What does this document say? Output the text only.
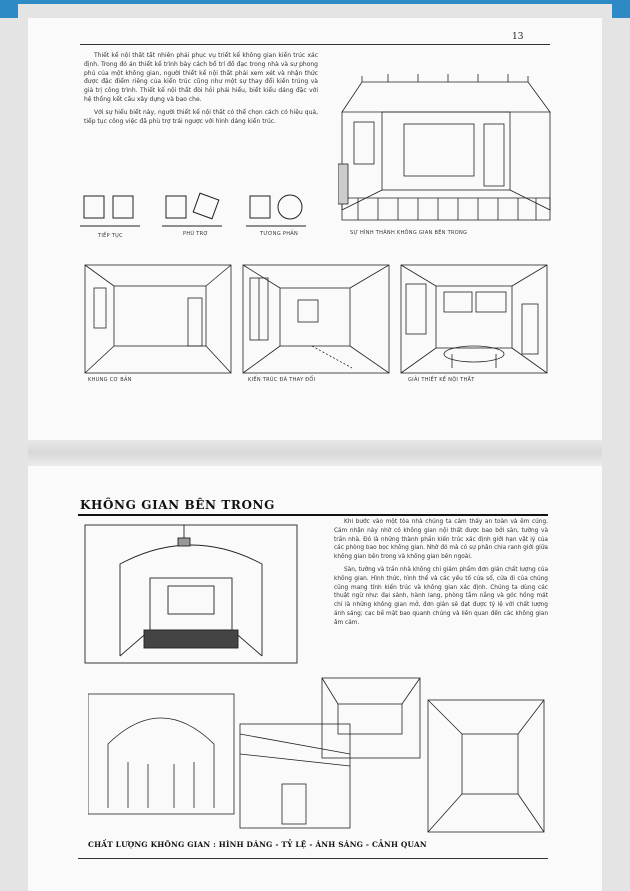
13

Thiết kế nội thất tất nhiên phải phục vụ triết kế không gian kiến trúc xác định. Trong đó ản thiết kế trình bày cách bố trí đồ đạc trong nhà và sự phong phú của một không gian, người thiết kế nội thất phải xem xét và nhận thức được đặc điểm riêng của kiến trúc cũng như một sự thay đổi kiến trúng và giả trị công trình. Thiết kế nội thất đòi hỏi phải hiểu, biết kiểu dáng đặc với hệ thống kết cấu xây dựng và bao che.

Với sự hiểu biết này, người thiết kế nội thất có thể chọn cách có hiệu quả, tiếp tục công việc đã phù trợ trái ngược với hình dáng kiến trúc.

TIẾP TỤC	PHÙ TRỢ	TƯƠNG PHẢN	SỰ HÌNH THÀNH KHÔNG GIAN BÊN TRONG
KHUNG CƠ BẢN	KIẾN TRÚC ĐÃ THAY ĐỔI	GIẢI THIẾT KẾ NỘI THẤT
KHÔNG GIAN BÊN TRONG

Khi bước vào một tòa nhà chúng ta cảm thấy an toàn và êm cúng. Cảm nhận này nhờ có không gian nội thất được bao bởi sàn, tường và trần nhà. Đó là những thành phần kiến trúc xác định giới hạn vật lý của các phòng bao bọc không gian. Nhờ đó mà có sự phân chia ranh giới giữa không gian bên trong và không gian bên ngoài.

Sàn, tường và trần nhà không chỉ giám phẩm đơn giản chất lượng của không gian. Hình thức, hình thể và các yếu tố cửa sổ, cửa đi của chúng cũng mang tính kiến trúc và không gian xác định. Chúng ta dùng các thuật ngữ như: đại sảnh, hành lang, phòng tắm nắng và góc hồng mát chỉ là những không gian mở, đơn giản sẽ đạt được tỷ lệ với chất lượng ánh sáng; cac bề mặt bao quanh chúng và liên quan đến các không gian âm cảm.

CHẤT LƯỢNG KHÔNG GIAN : HÌNH DÁNG - TỶ LỆ - ÁNH SÁNG - CẢNH QUAN
